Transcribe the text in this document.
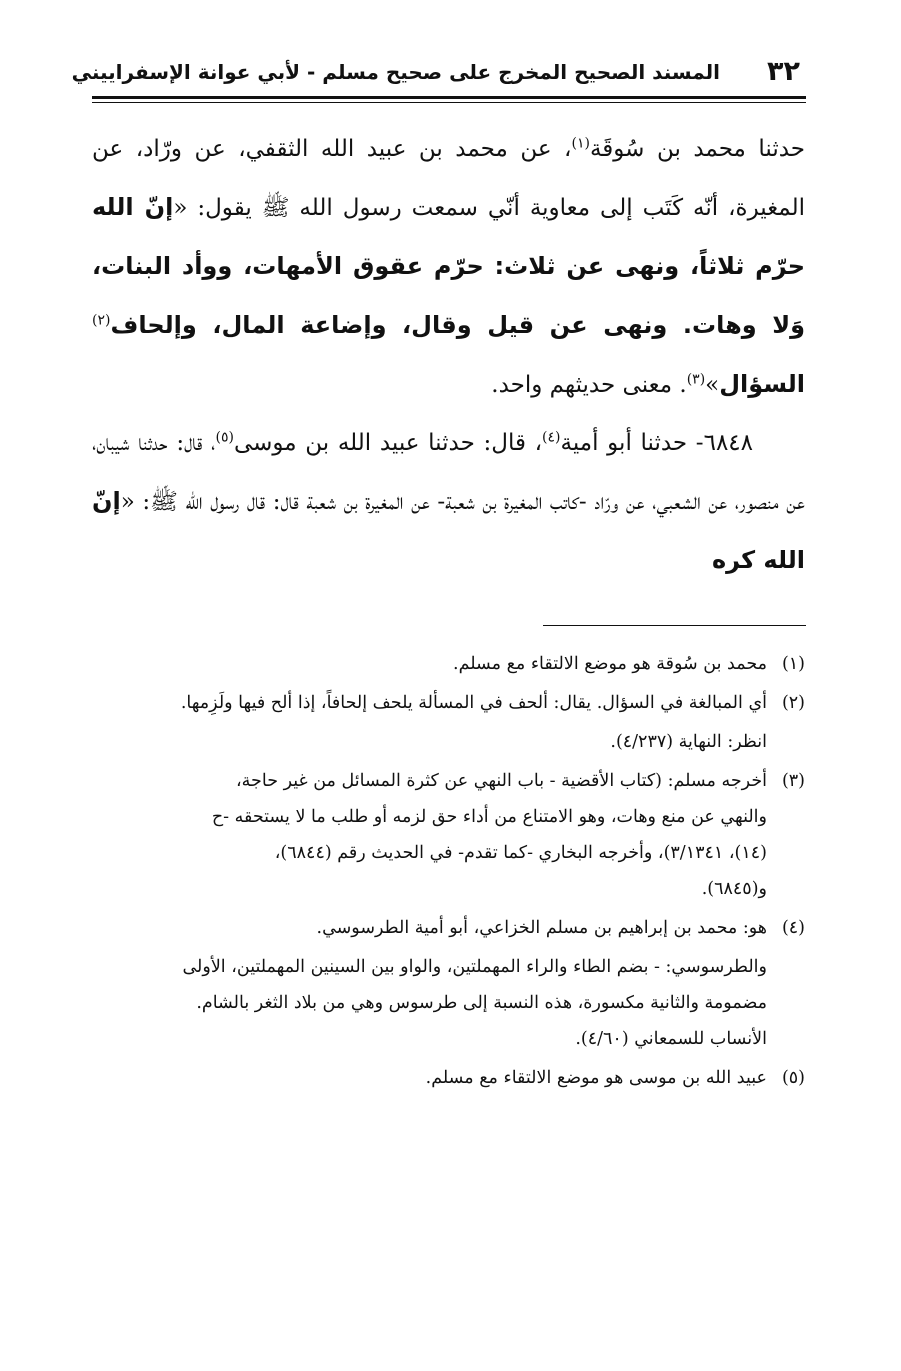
٣٢
المسند الصحيح المخرج على صحيح مسلم - لأبي عوانة الإسفراييني

حدثنا محمد بن سُوقَة$^{(١)}$، عن محمد بن عبيد الله الثقفي، عن ورّاد، عن المغيرة، أنّه كَتَب إلى معاوية أنّي سمعت رسول الله ﷺ يقول: «إنّ الله حرّم ثلاثاً، ونهى عن ثلاث: حرّم عقوق الأمهات، ووأد البنات، وَلا وهات. ونهى عن قيل وقال، وإضاعة المال، وإلحاف$^{(٢)}$ السؤال»$^{(٣)}$. معنى حديثهم واحد.

٦٨٤٨- حدثنا أبو أمية$^{(٤)}$، قال: حدثنا عبيد الله بن موسى$^{(٥)}$، قال: حدثنا شيبان، عن منصور، عن الشعبي، عن ورّاد -كاتب المغيرة بن شعبة- عن المغيرة بن شعبة قال: قال رسول الله ﷺ: «إنّ الله كره

(١)
محمد بن سُوقة هو موضع الالتقاء مع مسلم.
(٢)
أي المبالغة في السؤال. يقال: ألحف في المسألة يلحف إلحافاً، إذا ألح فيها ولَزِمها.
انظر: النهاية (٤/٢٣٧).
(٣)
أخرجه مسلم: (كتاب الأقضية - باب النهي عن كثرة المسائل من غير حاجة،
والنهي عن منع وهات، وهو الامتناع من أداء حق لزمه أو طلب ما لا يستحقه -ح
(١٤)، ٣/١٣٤١)، وأخرجه البخاري -كما تقدم- في الحديث رقم (٦٨٤٤)،
و(٦٨٤٥).
(٤)
هو: محمد بن إبراهيم بن مسلم الخزاعي، أبو أمية الطرسوسي.
والطرسوسي: - بضم الطاء والراء المهملتين، والواو بين السينين المهملتين، الأولى
مضمومة والثانية مكسورة، هذه النسبة إلى طرسوس وهي من بلاد الثغر بالشام.
الأنساب للسمعاني (٤/٦٠).
(٥)
عبيد الله بن موسى هو موضع الالتقاء مع مسلم.
